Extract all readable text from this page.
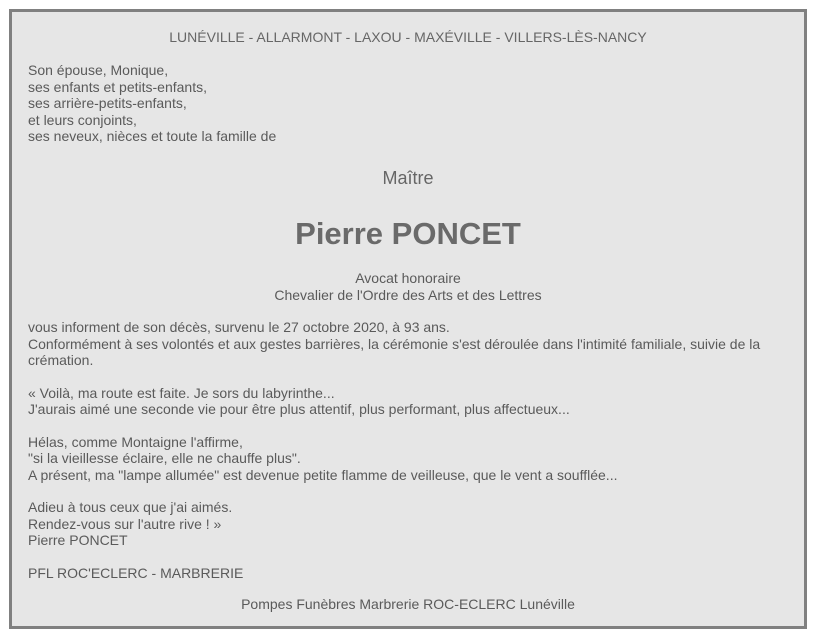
LUNÉVILLE - ALLARMONT - LAXOU - MAXÉVILLE - VILLERS-LÈS-NANCY
Son épouse, Monique,
ses enfants et petits-enfants,
ses arrière-petits-enfants,
et leurs conjoints,
ses neveux, nièces et toute la famille de
Maître
Pierre PONCET
Avocat honoraire
Chevalier de l'Ordre des Arts et des Lettres
vous informent de son décès, survenu le 27 octobre 2020, à 93 ans.
Conformément à ses volontés et aux gestes barrières, la cérémonie s'est déroulée dans l'intimité familiale, suivie de la crémation.
« Voilà, ma route est faite. Je sors du labyrinthe...
J'aurais aimé une seconde vie pour être plus attentif, plus performant, plus affectueux...
Hélas, comme Montaigne l'affirme,
"si la vieillesse éclaire, elle ne chauffe plus".
A présent, ma "lampe allumée" est devenue petite flamme de veilleuse, que le vent a soufflée...
Adieu à tous ceux que j'ai aimés.
Rendez-vous sur l'autre rive ! »
Pierre PONCET
PFL ROC'ECLERC - MARBRERIE
Pompes Funèbres Marbrerie ROC-ECLERC Lunéville
